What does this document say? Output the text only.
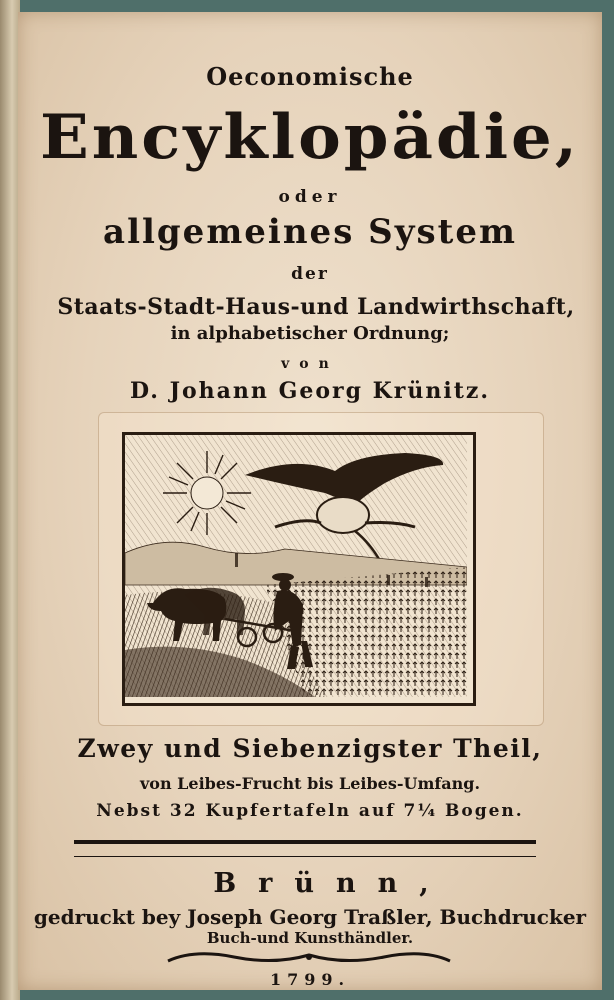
Oeconomische
Encyklopädie,
oder
allgemeines System
der
Staats-Stadt-Haus-und Landwirthschaft,
in alphabetischer Ordnung;
von
D. Johann Georg Krünitz.
Zwey und Siebenzigster Theil,
von Leibes-Frucht bis Leibes-Umfang.
Nebst 32 Kupfertafeln auf 7¼ Bogen.
Brünn,
gedruckt bey Joseph Georg Traßler, Buchdrucker
Buch-und Kunsthändler.
1799.
